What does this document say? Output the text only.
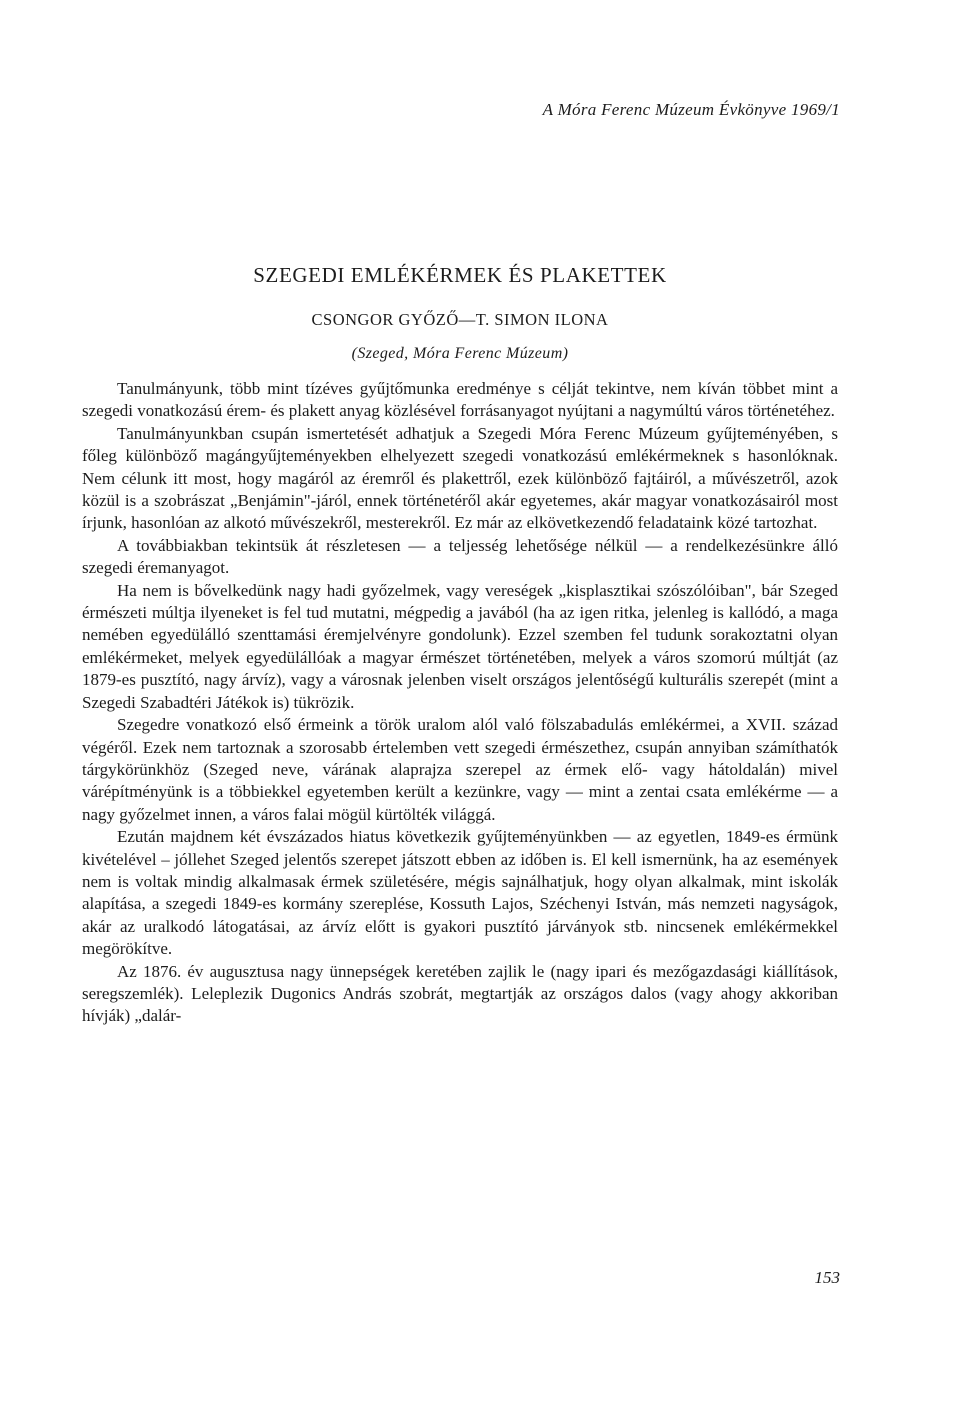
A Móra Ferenc Múzeum Évkönyve 1969/1
SZEGEDI EMLÉKÉRMEK ÉS PLAKETTEK
CSONGOR GYŐZŐ—T. SIMON ILONA
(Szeged, Móra Ferenc Múzeum)

Tanulmányunk, több mint tízéves gyűjtőmunka eredménye s célját tekintve, nem kíván többet mint a szegedi vonatkozású érem- és plakett anyag közlésével forrásanyagot nyújtani a nagymúltú város történetéhez.

Tanulmányunkban csupán ismertetését adhatjuk a Szegedi Móra Ferenc Múzeum gyűjteményében, s főleg különböző magángyűjteményekben elhelyezett szegedi vonatkozású emlékérmeknek s hasonlóknak. Nem célunk itt most, hogy magáról az éremről és plakettről, ezek különböző fajtáiról, a művészetről, azok közül is a szobrászat „Benjámin"-járól, ennek történetéről akár egyetemes, akár magyar vonatkozásairól most írjunk, hasonlóan az alkotó művészekről, mesterekről. Ez már az elkövetkezendő feladataink közé tartozhat.

A továbbiakban tekintsük át részletesen — a teljesség lehetősége nélkül — a rendelkezésünkre álló szegedi éremanyagot.

Ha nem is bővelkedünk nagy hadi győzelmek, vagy vereségek „kisplasztikai szószólóiban", bár Szeged érmészeti múltja ilyeneket is fel tud mutatni, mégpedig a javából (ha az igen ritka, jelenleg is kallódó, a maga nemében egyedülálló szenttamási éremjelvényre gondolunk). Ezzel szemben fel tudunk sorakoztatni olyan emlékérmeket, melyek egyedülállóak a magyar érmészet történetében, melyek a város szomorú múltját (az 1879-es pusztító, nagy árvíz), vagy a városnak jelenben viselt országos jelentőségű kulturális szerepét (mint a Szegedi Szabadtéri Játékok is) tükrözik.

Szegedre vonatkozó első érmeink a török uralom alól való fölszabadulás emlékérmei, a XVII. század végéről. Ezek nem tartoznak a szorosabb értelemben vett szegedi érmészethez, csupán annyiban számíthatók tárgykörünkhöz (Szeged neve, várának alaprajza szerepel az érmek elő- vagy hátoldalán) mivel várépítményünk is a többiekkel egyetemben került a kezünkre, vagy — mint a zentai csata emlékérme — a nagy győzelmet innen, a város falai mögül kürtölték világgá.

Ezután majdnem két évszázados hiatus következik gyűjteményünkben — az egyetlen, 1849-es érmünk kivételével – jóllehet Szeged jelentős szerepet játszott ebben az időben is. El kell ismernünk, ha az események nem is voltak mindig alkalmasak érmek születésére, mégis sajnálhatjuk, hogy olyan alkalmak, mint iskolák alapítása, a szegedi 1849-es kormány szereplése, Kossuth Lajos, Széchenyi István, más nemzeti nagyságok, akár az uralkodó látogatásai, az árvíz előtt is gyakori pusztító járványok stb. nincsenek emlékérmekkel megörökítve.

Az 1876. év augusztusa nagy ünnepségek keretében zajlik le (nagy ipari és mezőgazdasági kiállítások, seregszemlék). Leleplezik Dugonics András szobrát, megtartják az országos dalos (vagy ahogy akkoriban hívják) „dalár-

153
